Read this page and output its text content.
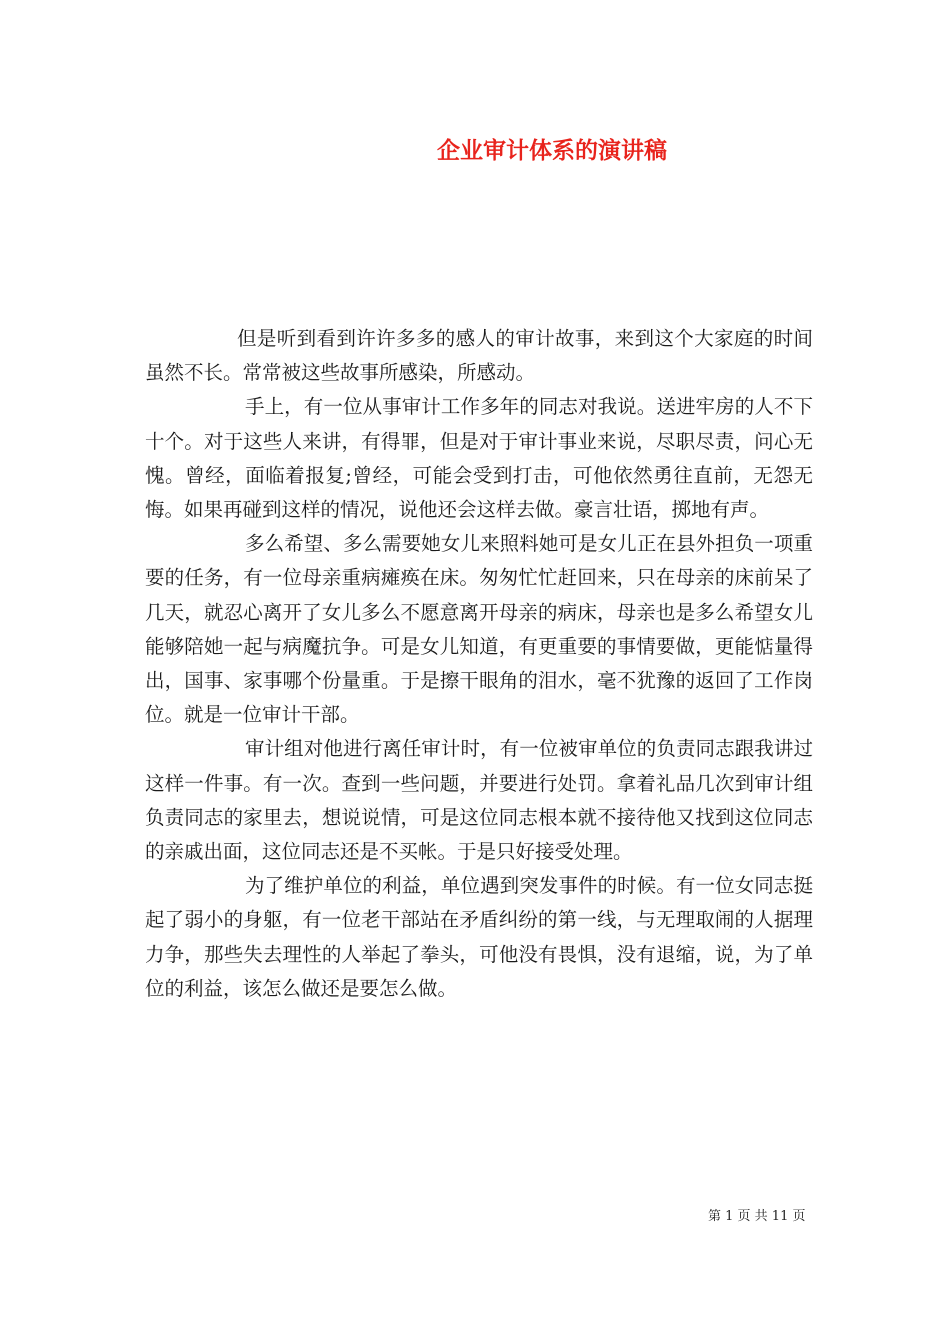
企业审计体系的演讲稿

但是听到看到许许多多的感人的审计故事，来到这个大家庭的时间虽然不长。常常被这些故事所感染，所感动。

手上，有一位从事审计工作多年的同志对我说。送进牢房的人不下十个。对于这些人来讲，有得罪，但是对于审计事业来说，尽职尽责，问心无愧。曾经，面临着报复;曾经，可能会受到打击，可他依然勇往直前，无怨无悔。如果再碰到这样的情况，说他还会这样去做。豪言壮语，掷地有声。

多么希望、多么需要她女儿来照料她可是女儿正在县外担负一项重要的任务，有一位母亲重病瘫痪在床。匆匆忙忙赶回来，只在母亲的床前呆了几天，就忍心离开了女儿多么不愿意离开母亲的病床，母亲也是多么希望女儿能够陪她一起与病魔抗争。可是女儿知道，有更重要的事情要做，更能惦量得出，国事、家事哪个份量重。于是擦干眼角的泪水，毫不犹豫的返回了工作岗位。就是一位审计干部。

审计组对他进行离任审计时，有一位被审单位的负责同志跟我讲过这样一件事。有一次。查到一些问题，并要进行处罚。拿着礼品几次到审计组负责同志的家里去，想说说情，可是这位同志根本就不接待他又找到这位同志的亲戚出面，这位同志还是不买帐。于是只好接受处理。

为了维护单位的利益，单位遇到突发事件的时候。有一位女同志挺起了弱小的身躯，有一位老干部站在矛盾纠纷的第一线，与无理取闹的人据理力争，那些失去理性的人举起了拳头，可他没有畏惧，没有退缩，说，为了单位的利益，该怎么做还是要怎么做。

第 1 页 共 11 页
